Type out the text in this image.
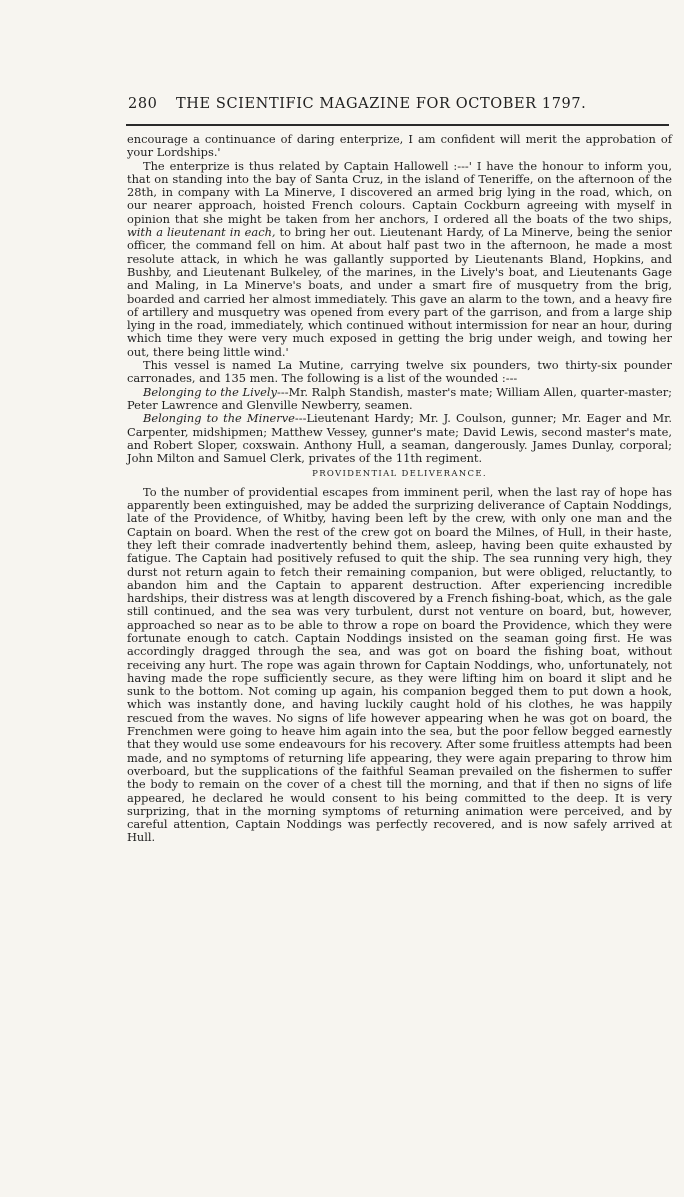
280 THE SCIENTIFIC MAGAZINE FOR OCTOBER 1797.

encourage a continuance of daring enterprize, I am confident will merit the approbation of your Lordships.'

The enterprize is thus related by Captain Hallowell :---' I have the honour to inform you, that on standing into the bay of Santa Cruz, in the island of Teneriffe, on the afternoon of the 28th, in company with La Minerve, I discovered an armed brig lying in the road, which, on our nearer approach, hoisted French colours. Captain Cockburn agreeing with myself in opinion that she might be taken from her anchors, I ordered all the boats of the two ships, with a lieutenant in each, to bring her out. Lieutenant Hardy, of La Minerve, being the senior officer, the command fell on him. At about half past two in the afternoon, he made a most resolute attack, in which he was gallantly supported by Lieutenants Bland, Hopkins, and Bushby, and Lieutenant Bulkeley, of the marines, in the Lively's boat, and Lieutenants Gage and Maling, in La Minerve's boats, and under a smart fire of musquetry from the brig, boarded and carried her almost immediately. This gave an alarm to the town, and a heavy fire of artillery and musquetry was opened from every part of the garrison, and from a large ship lying in the road, immediately, which continued without intermission for near an hour, during which time they were very much exposed in getting the brig under weigh, and towing her out, there being little wind.'

This vessel is named La Mutine, carrying twelve six pounders, two thirty-six pounder carronades, and 135 men. The following is a list of the wounded :---

Belonging to the Lively---Mr. Ralph Standish, master's mate; William Allen, quarter-master; Peter Lawrence and Glenville Newberry, seamen.

Belonging to the Minerve---Lieutenant Hardy; Mr. J. Coulson, gunner; Mr. Eager and Mr. Carpenter, midshipmen; Matthew Vessey, gunner's mate; David Lewis, second master's mate, and Robert Sloper, coxswain. Anthony Hull, a seaman, dangerously. James Dunlay, corporal; John Milton and Samuel Clerk, privates of the 11th regiment.

PROVIDENTIAL DELIVERANCE.

To the number of providential escapes from imminent peril, when the last ray of hope has apparently been extinguished, may be added the surprizing deliverance of Captain Noddings, late of the Providence, of Whitby, having been left by the crew, with only one man and the Captain on board. When the rest of the crew got on board the Milnes, of Hull, in their haste, they left their comrade inadvertently behind them, asleep, having been quite exhausted by fatigue. The Captain had positively refused to quit the ship. The sea running very high, they durst not return again to fetch their remaining companion, but were obliged, reluctantly, to abandon him and the Captain to apparent destruction. After experiencing incredible hardships, their distress was at length discovered by a French fishing-boat, which, as the gale still continued, and the sea was very turbulent, durst not venture on board, but, however, approached so near as to be able to throw a rope on board the Providence, which they were fortunate enough to catch. Captain Noddings insisted on the seaman going first. He was accordingly dragged through the sea, and was got on board the fishing boat, without receiving any hurt. The rope was again thrown for Captain Noddings, who, unfortunately, not having made the rope sufficiently secure, as they were lifting him on board it slipt and he sunk to the bottom. Not coming up again, his companion begged them to put down a hook, which was instantly done, and having luckily caught hold of his clothes, he was happily rescued from the waves. No signs of life however appearing when he was got on board, the Frenchmen were going to heave him again into the sea, but the poor fellow begged earnestly that they would use some endeavours for his recovery. After some fruitless attempts had been made, and no symptoms of returning life appearing, they were again preparing to throw him overboard, but the supplications of the faithful Seaman prevailed on the fishermen to suffer the body to remain on the cover of a chest till the morning, and that if then no signs of life appeared, he declared he would consent to his being committed to the deep. It is very surprizing, that in the morning symptoms of returning animation were perceived, and by careful attention, Captain Noddings was perfectly recovered, and is now safely arrived at Hull.
